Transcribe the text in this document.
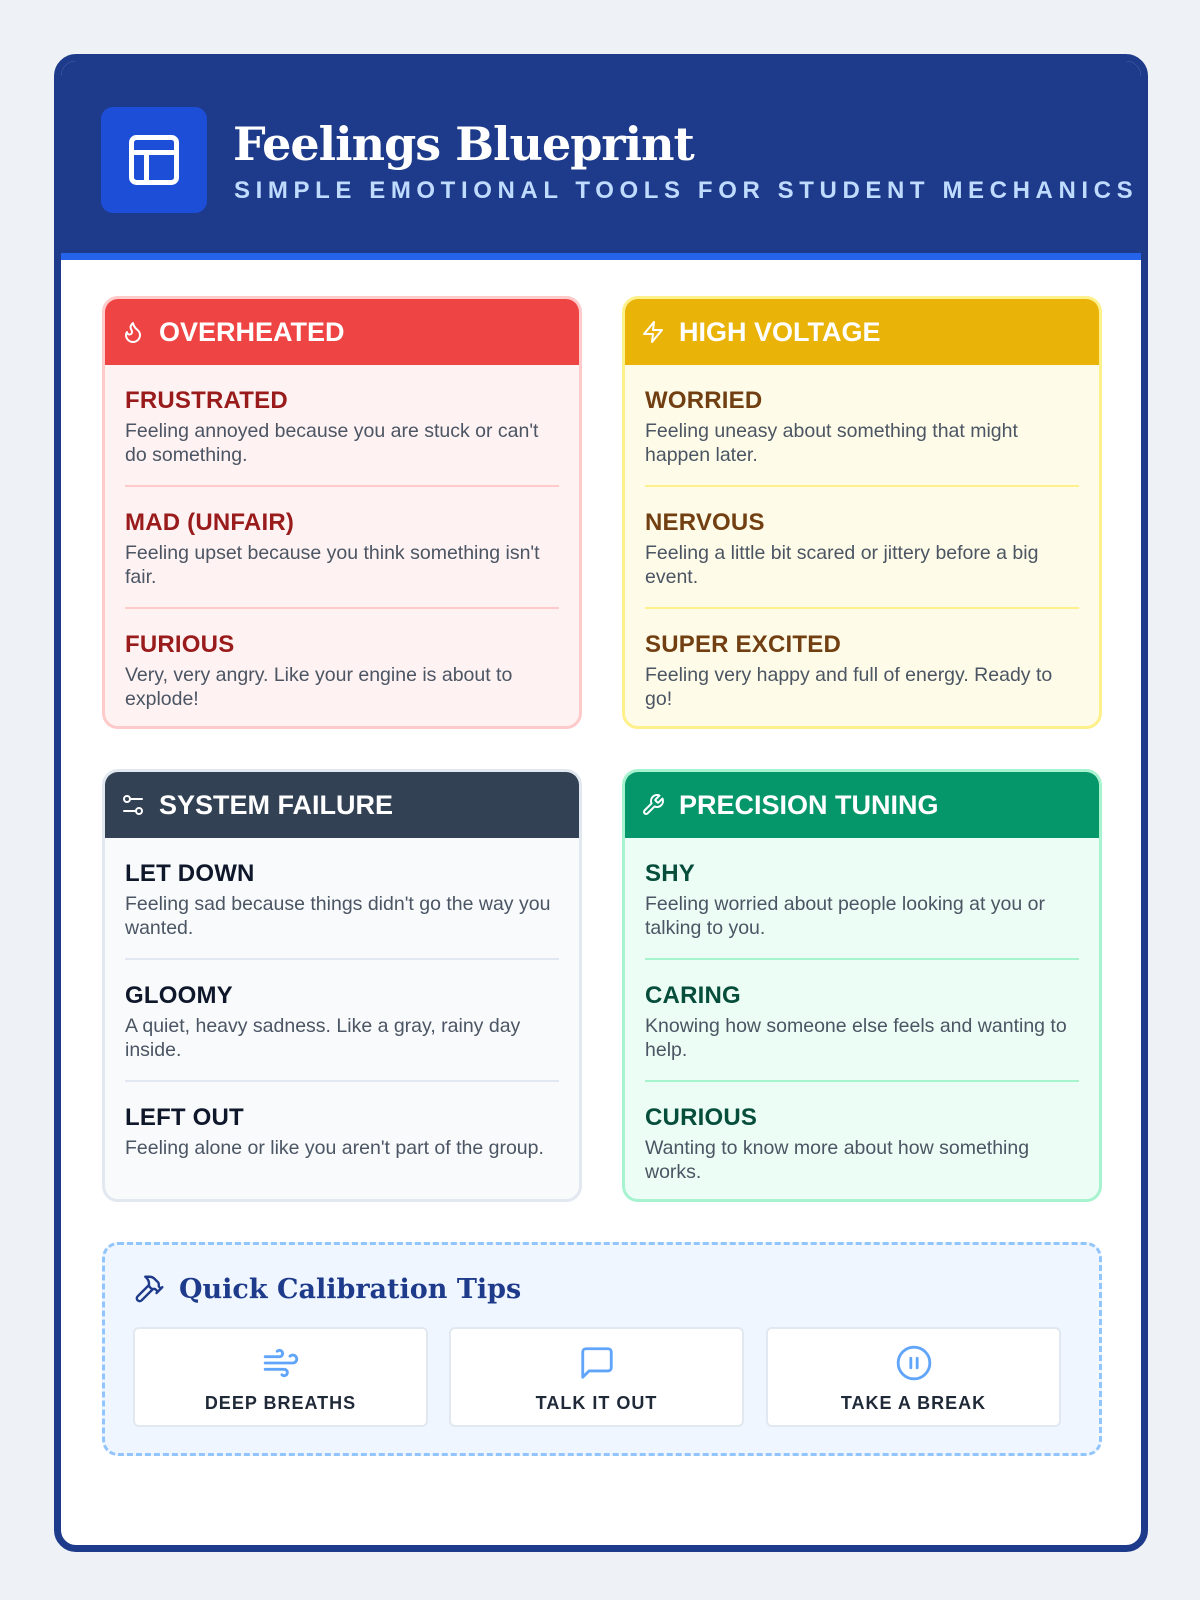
Feelings Blueprint
SIMPLE EMOTIONAL TOOLS FOR STUDENT MECHANICS
OVERHEATED
FRUSTRATED

Feeling annoyed because you are stuck or can't do something.

MAD (UNFAIR)

Feeling upset because you think something isn't fair.

FURIOUS

Very, very angry. Like your engine is about to explode!

HIGH VOLTAGE
WORRIED

Feeling uneasy about something that might happen later.

NERVOUS

Feeling a little bit scared or jittery before a big event.

SUPER EXCITED

Feeling very happy and full of energy. Ready to go!

SYSTEM FAILURE
LET DOWN

Feeling sad because things didn't go the way you wanted.

GLOOMY

A quiet, heavy sadness. Like a gray, rainy day inside.

LEFT OUT

Feeling alone or like you aren't part of the group.

PRECISION TUNING
SHY

Feeling worried about people looking at you or talking to you.

CARING

Knowing how someone else feels and wanting to help.

CURIOUS

Wanting to know more about how something works.

Quick Calibration Tips
DEEP BREATHS	TALK IT OUT	TAKE A BREAK
